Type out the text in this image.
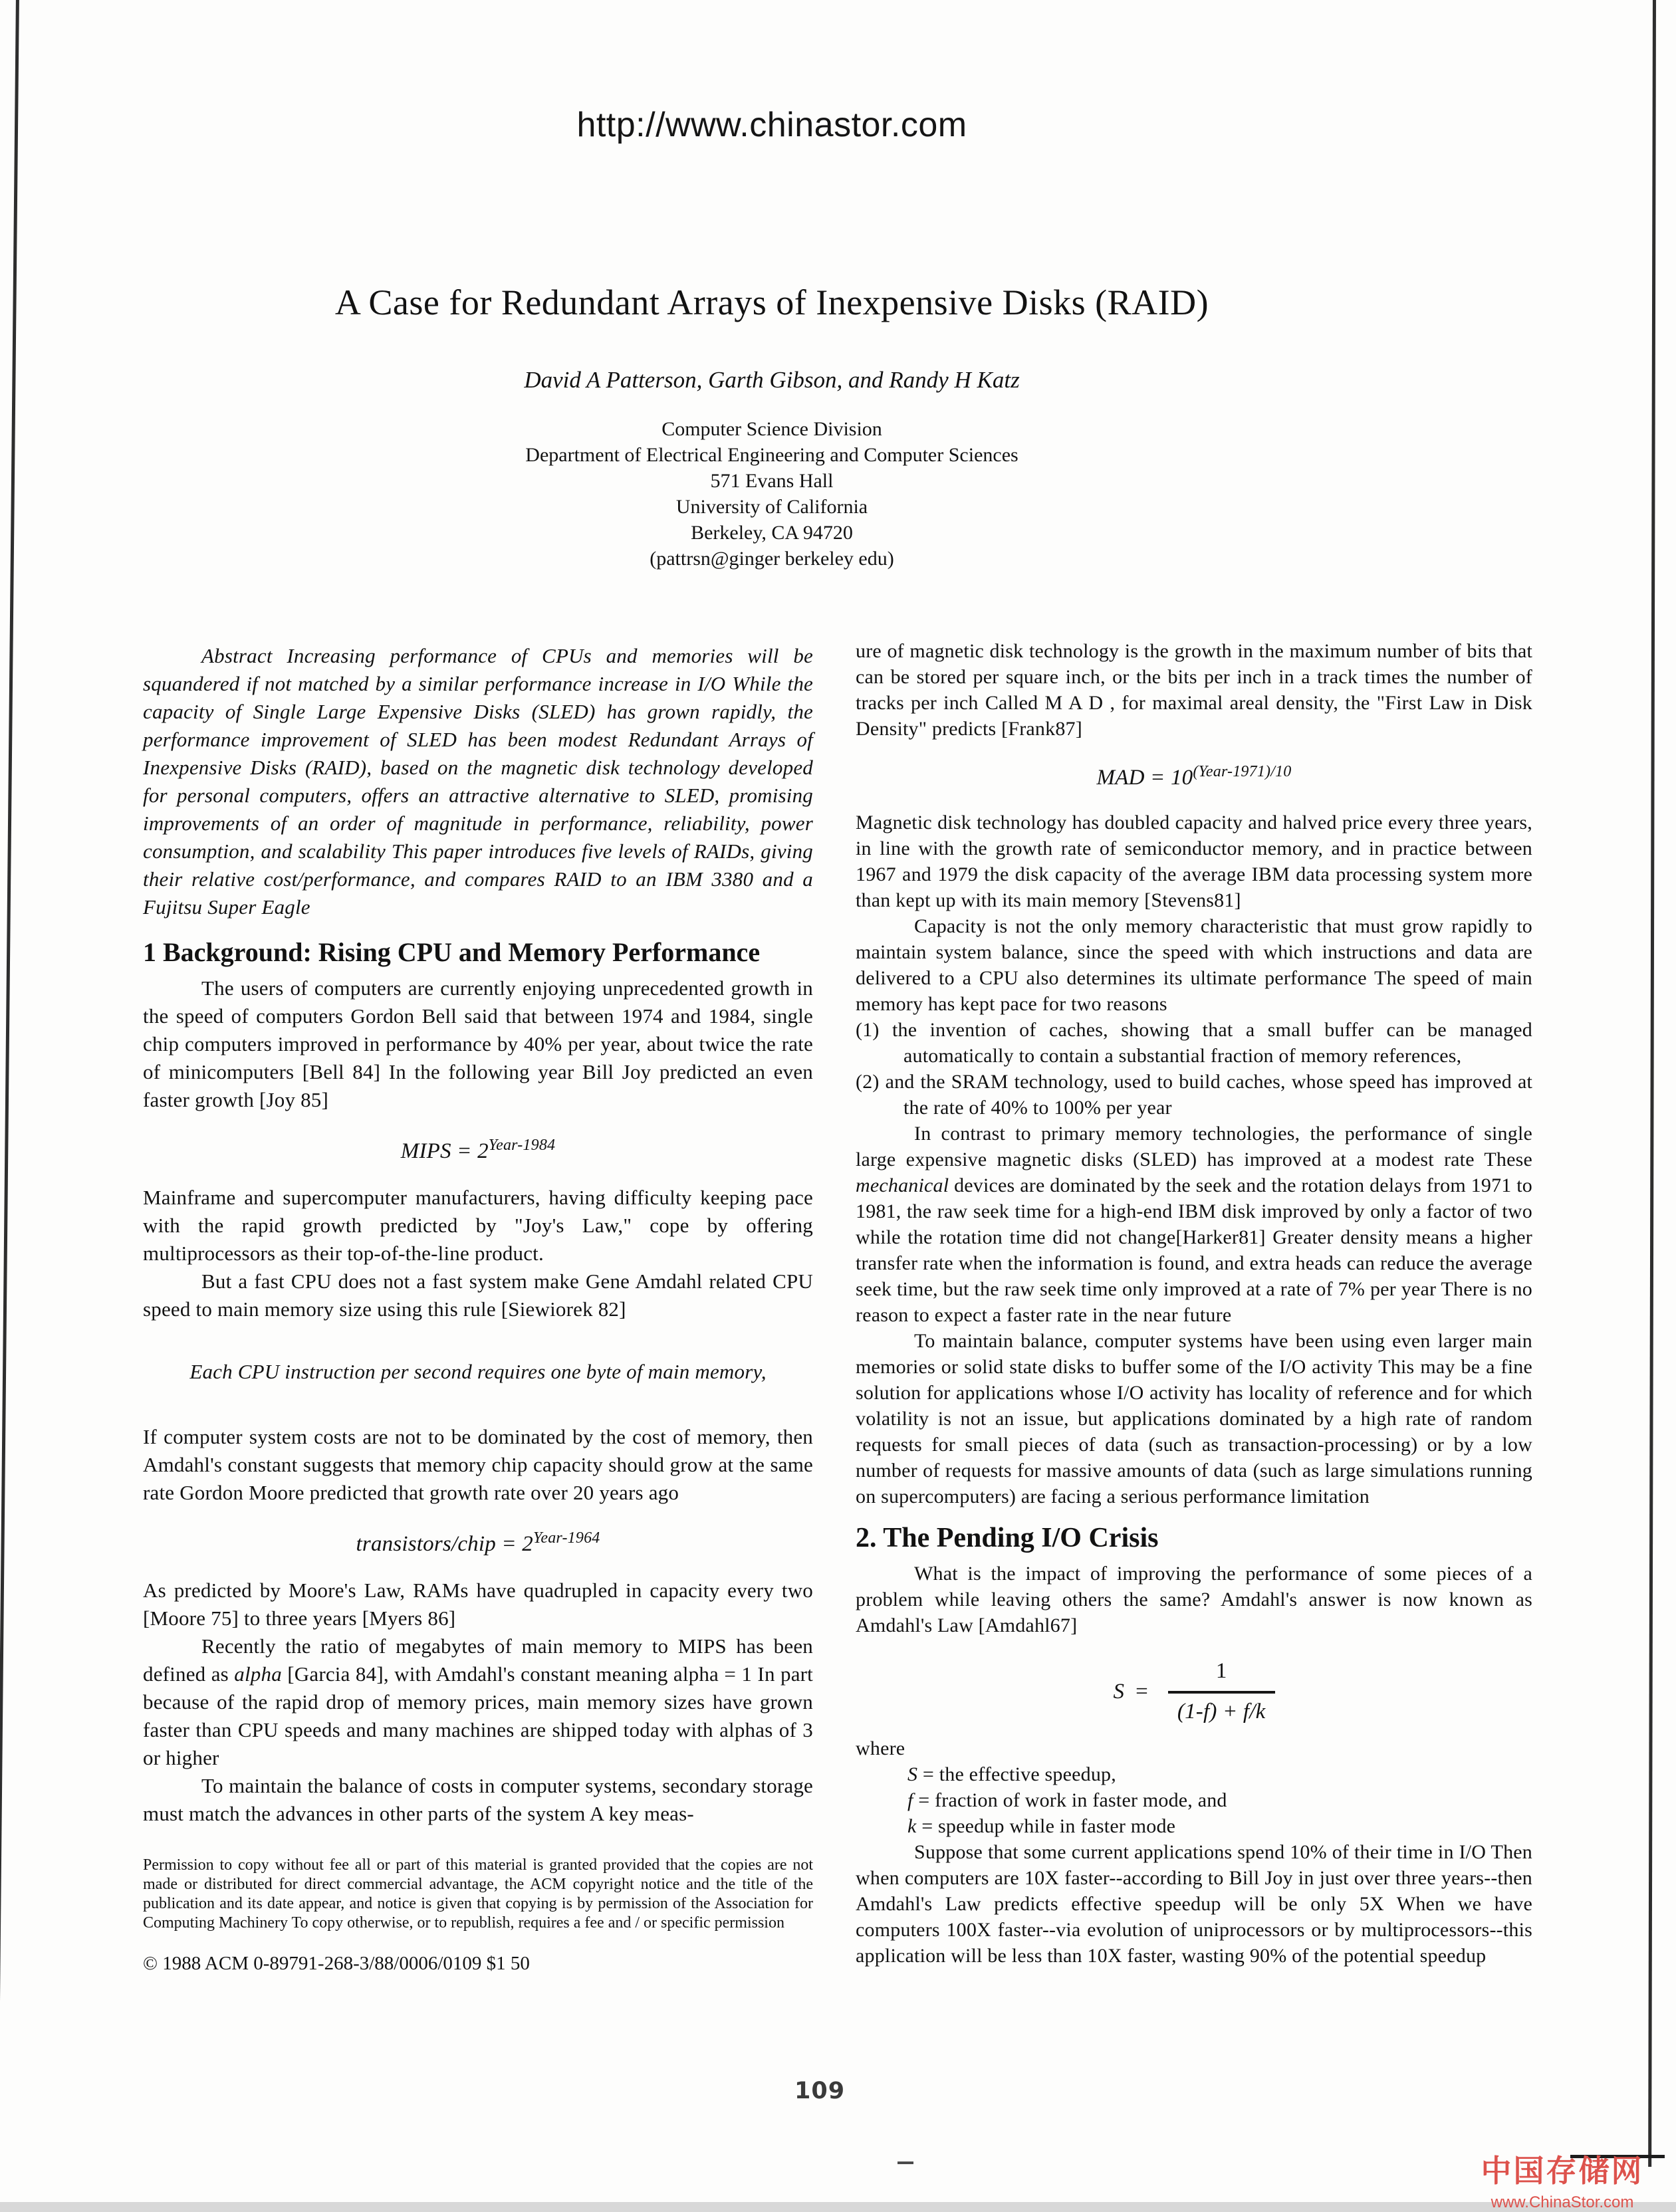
http://www.chinastor.com
A Case for Redundant Arrays of Inexpensive Disks (RAID)
David A Patterson, Garth Gibson, and Randy H Katz
Computer Science Division
Department of Electrical Engineering and Computer Sciences
571 Evans Hall
University of California
Berkeley, CA 94720
(pattrsn@ginger berkeley edu)

Abstract Increasing performance of CPUs and memories will be squandered if not matched by a similar performance increase in I/O While the capacity of Single Large Expensive Disks (SLED) has grown rapidly, the performance improvement of SLED has been modest Redundant Arrays of Inexpensive Disks (RAID), based on the magnetic disk technology developed for personal computers, offers an attractive alternative to SLED, promising improvements of an order of magnitude in performance, reliability, power consumption, and scalability This paper introduces five levels of RAIDs, giving their relative cost/performance, and compares RAID to an IBM 3380 and a Fujitsu Super Eagle

1 Background: Rising CPU and Memory Performance

The users of computers are currently enjoying unprecedented growth in the speed of computers Gordon Bell said that between 1974 and 1984, single chip computers improved in performance by 40% per year, about twice the rate of minicomputers [Bell 84] In the following year Bill Joy predicted an even faster growth [Joy 85]

MIPS = $2^{Year-1984}$

Mainframe and supercomputer manufacturers, having difficulty keeping pace with the rapid growth predicted by "Joy's Law," cope by offering multiprocessors as their top-of-the-line product.

But a fast CPU does not a fast system make Gene Amdahl related CPU speed to main memory size using this rule [Siewiorek 82]

Each CPU instruction per second requires one byte of main memory,

If computer system costs are not to be dominated by the cost of memory, then Amdahl's constant suggests that memory chip capacity should grow at the same rate Gordon Moore predicted that growth rate over 20 years ago

transistors/chip = $2^{Year-1964}$

As predicted by Moore's Law, RAMs have quadrupled in capacity every two [Moore 75] to three years [Myers 86]

Recently the ratio of megabytes of main memory to MIPS has been defined as alpha [Garcia 84], with Amdahl's constant meaning alpha = 1 In part because of the rapid drop of memory prices, main memory sizes have grown faster than CPU speeds and many machines are shipped today with alphas of 3 or higher

To maintain the balance of costs in computer systems, secondary storage must match the advances in other parts of the system A key meas-

Permission to copy without fee all or part of this material is granted provided that the copies are not made or distributed for direct commercial advantage, the ACM copyright notice and the title of the publication and its date appear, and notice is given that copying is by permission of the Association for Computing Machinery To copy otherwise, or to republish, requires a fee and / or specific permission
© 1988 ACM 0-89791-268-3/88/0006/0109 $1 50

ure of magnetic disk technology is the growth in the maximum number of bits that can be stored per square inch, or the bits per inch in a track times the number of tracks per inch Called M A D , for maximal areal density, the "First Law in Disk Density" predicts [Frank87]

MAD = $10^{(Year-1971)/10}$

Magnetic disk technology has doubled capacity and halved price every three years, in line with the growth rate of semiconductor memory, and in practice between 1967 and 1979 the disk capacity of the average IBM data processing system more than kept up with its main memory [Stevens81]

Capacity is not the only memory characteristic that must grow rapidly to maintain system balance, since the speed with which instructions and data are delivered to a CPU also determines its ultimate performance The speed of main memory has kept pace for two reasons

(1) the invention of caches, showing that a small buffer can be managed automatically to contain a substantial fraction of memory references,
(2) and the SRAM technology, used to build caches, whose speed has improved at the rate of 40% to 100% per year

In contrast to primary memory technologies, the performance of single large expensive magnetic disks (SLED) has improved at a modest rate These mechanical devices are dominated by the seek and the rotation delays from 1971 to 1981, the raw seek time for a high-end IBM disk improved by only a factor of two while the rotation time did not change[Harker81] Greater density means a higher transfer rate when the information is found, and extra heads can reduce the average seek time, but the raw seek time only improved at a rate of 7% per year There is no reason to expect a faster rate in the near future

To maintain balance, computer systems have been using even larger main memories or solid state disks to buffer some of the I/O activity This may be a fine solution for applications whose I/O activity has locality of reference and for which volatility is not an issue, but applications dominated by a high rate of random requests for small pieces of data (such as transaction-processing) or by a low number of requests for massive amounts of data (such as large simulations running on supercomputers) are facing a serious performance limitation

2. The Pending I/O Crisis

What is the impact of improving the performance of some pieces of a problem while leaving others the same? Amdahl's answer is now known as Amdahl's Law [Amdahl67]

$S = \frac{1}{(1-f) + f/k}$
where
S = the effective speedup,
f = fraction of work in faster mode, and
k = speedup while in faster mode

Suppose that some current applications spend 10% of their time in I/O Then when computers are 10X faster--according to Bill Joy in just over three years--then Amdahl's Law predicts effective speedup will be only 5X When we have computers 100X faster--via evolution of uniprocessors or by multiprocessors--this application will be less than 10X faster, wasting 90% of the potential speedup

109
中国存储网
www.ChinaStor.com
